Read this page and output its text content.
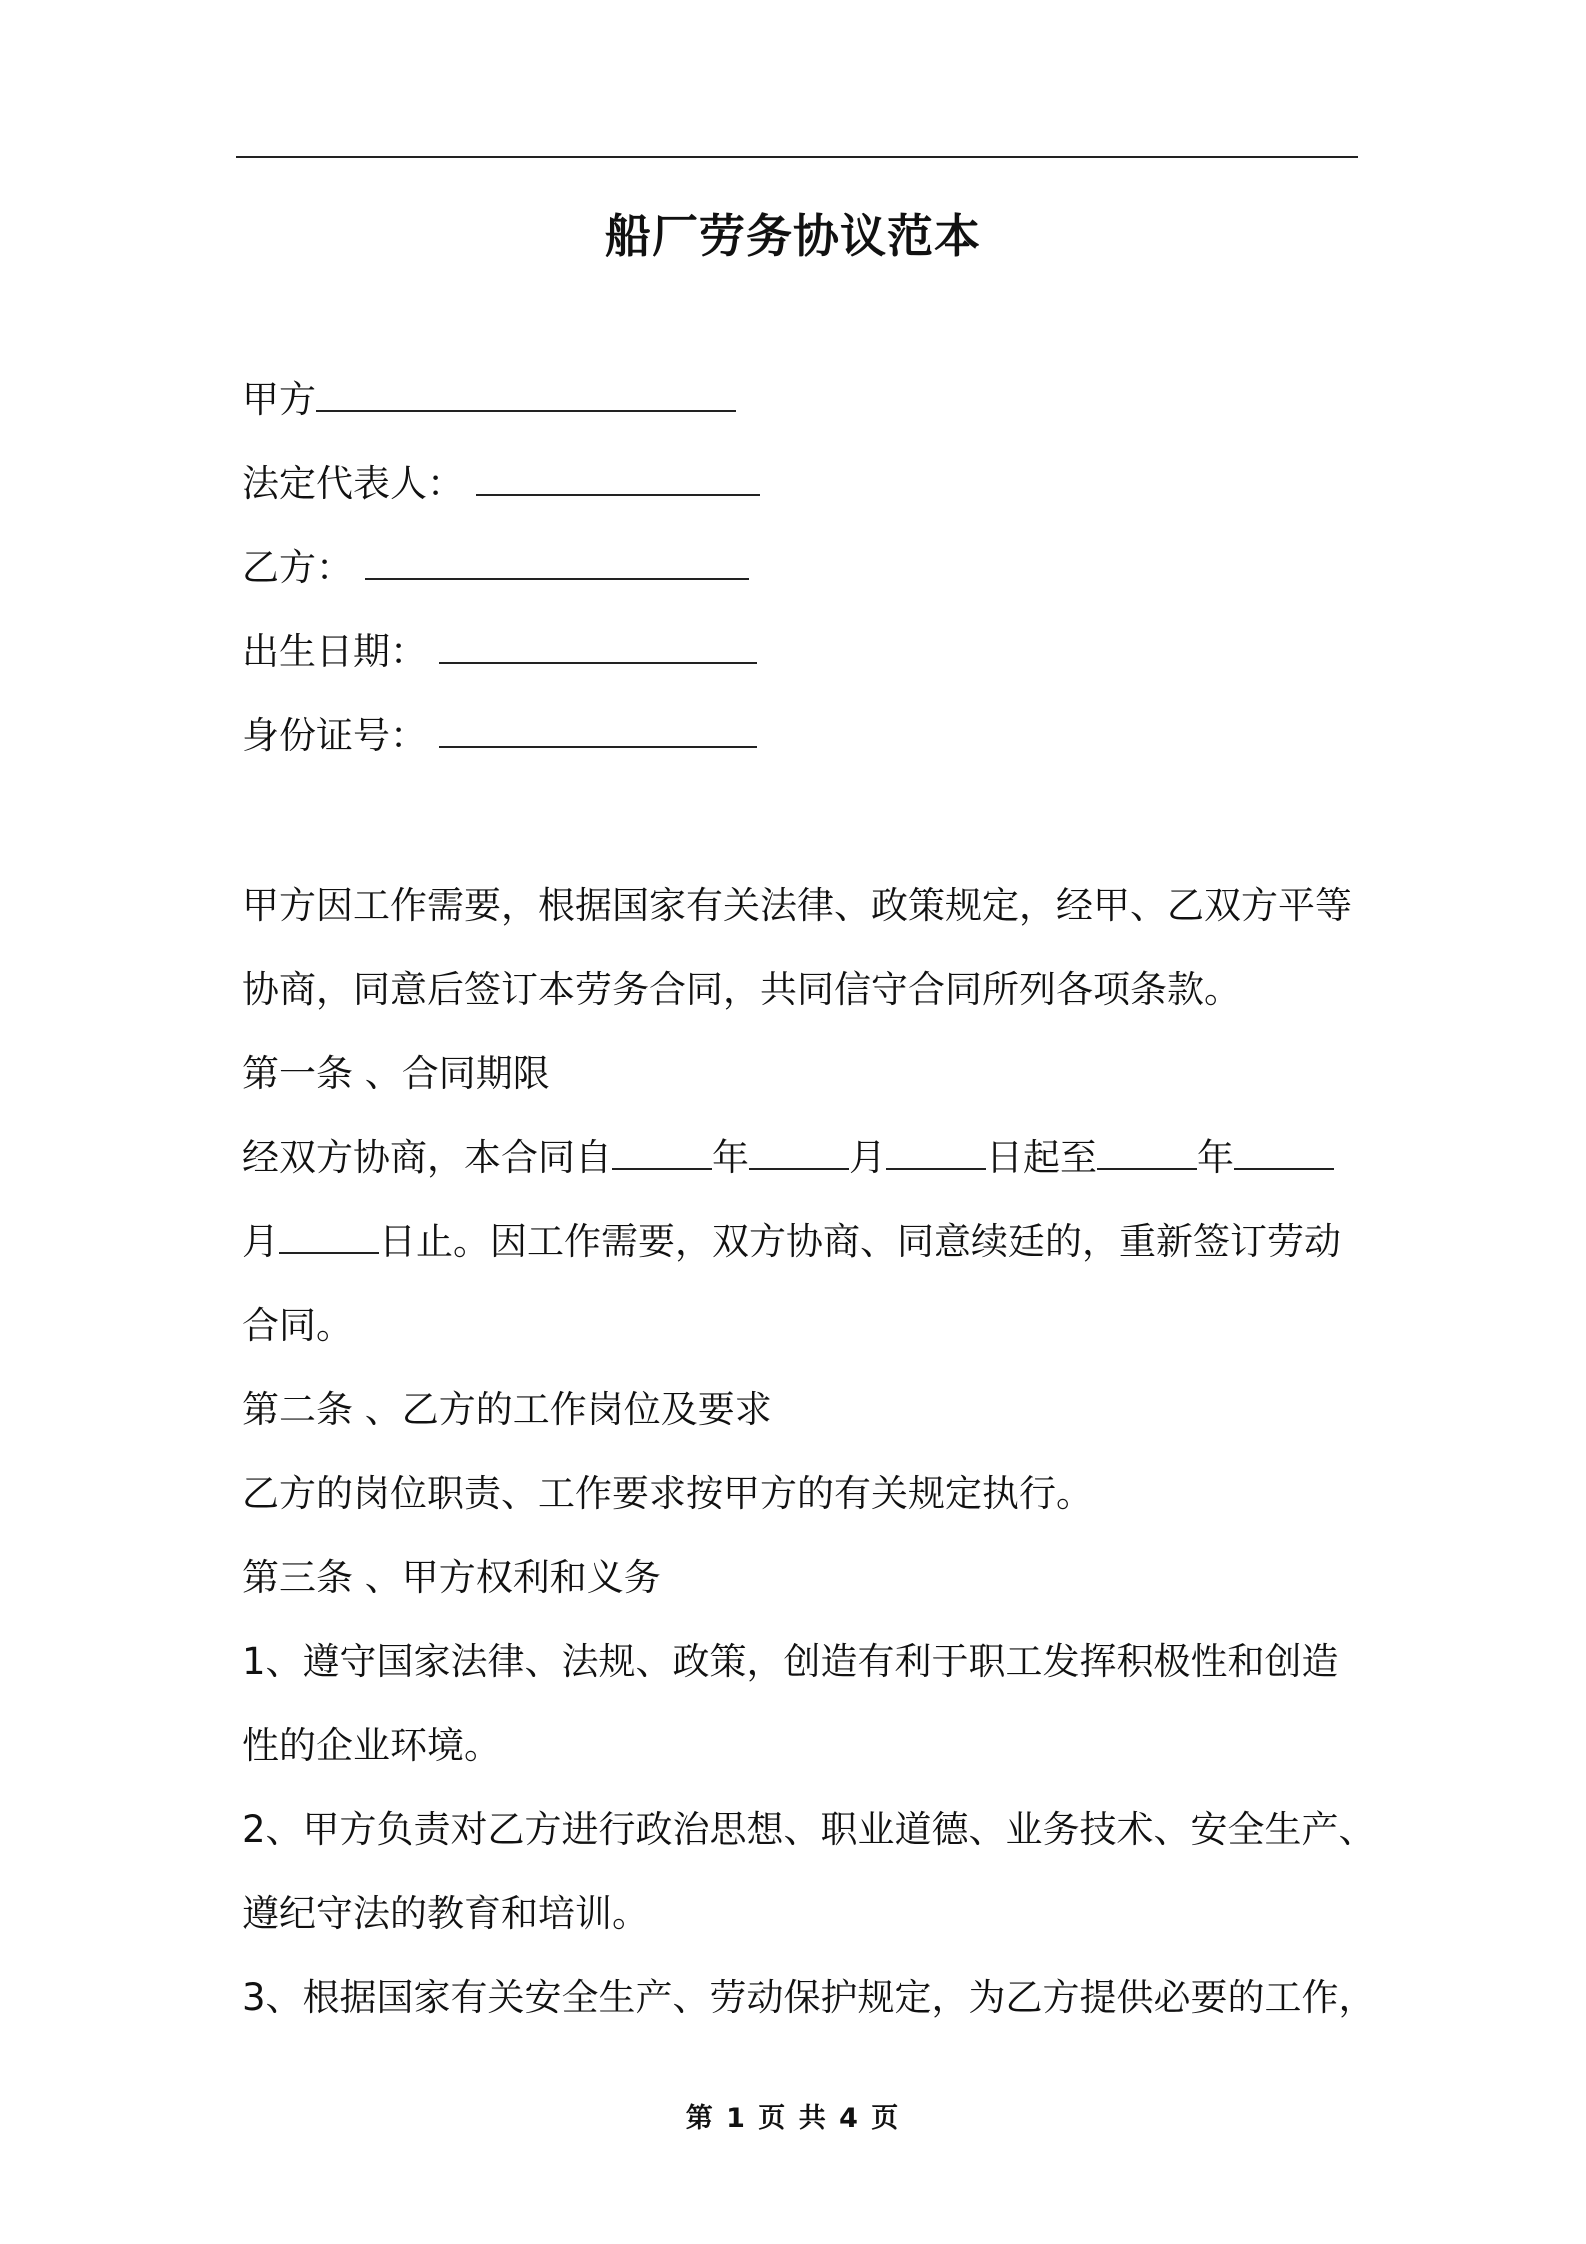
船厂劳务协议范本
甲方
法定代表人：
乙方：
出生日期：
身份证号：
甲方因工作需要，根据国家有关法律、政策规定，经甲、乙双方平等
协商，同意后签订本劳务合同，共同信守合同所列各项条款。
第一条 、合同期限
经双方协商，本合同自	年	月	日起至	年
月	日止。因工作需要，双方协商、同意续廷的，重新签订劳动
合同。
第二条 、乙方的工作岗位及要求
乙方的岗位职责、工作要求按甲方的有关规定执行。
第三条 、甲方权利和义务
1、遵守国家法律、法规、政策，创造有利于职工发挥积极性和创造
性的企业环境。
2、甲方负责对乙方进行政治思想、职业道德、业务技术、安全生产、
遵纪守法的教育和培训。
3、根据国家有关安全生产、劳动保护规定，为乙方提供必要的工作，
第 1 页 共 4 页
